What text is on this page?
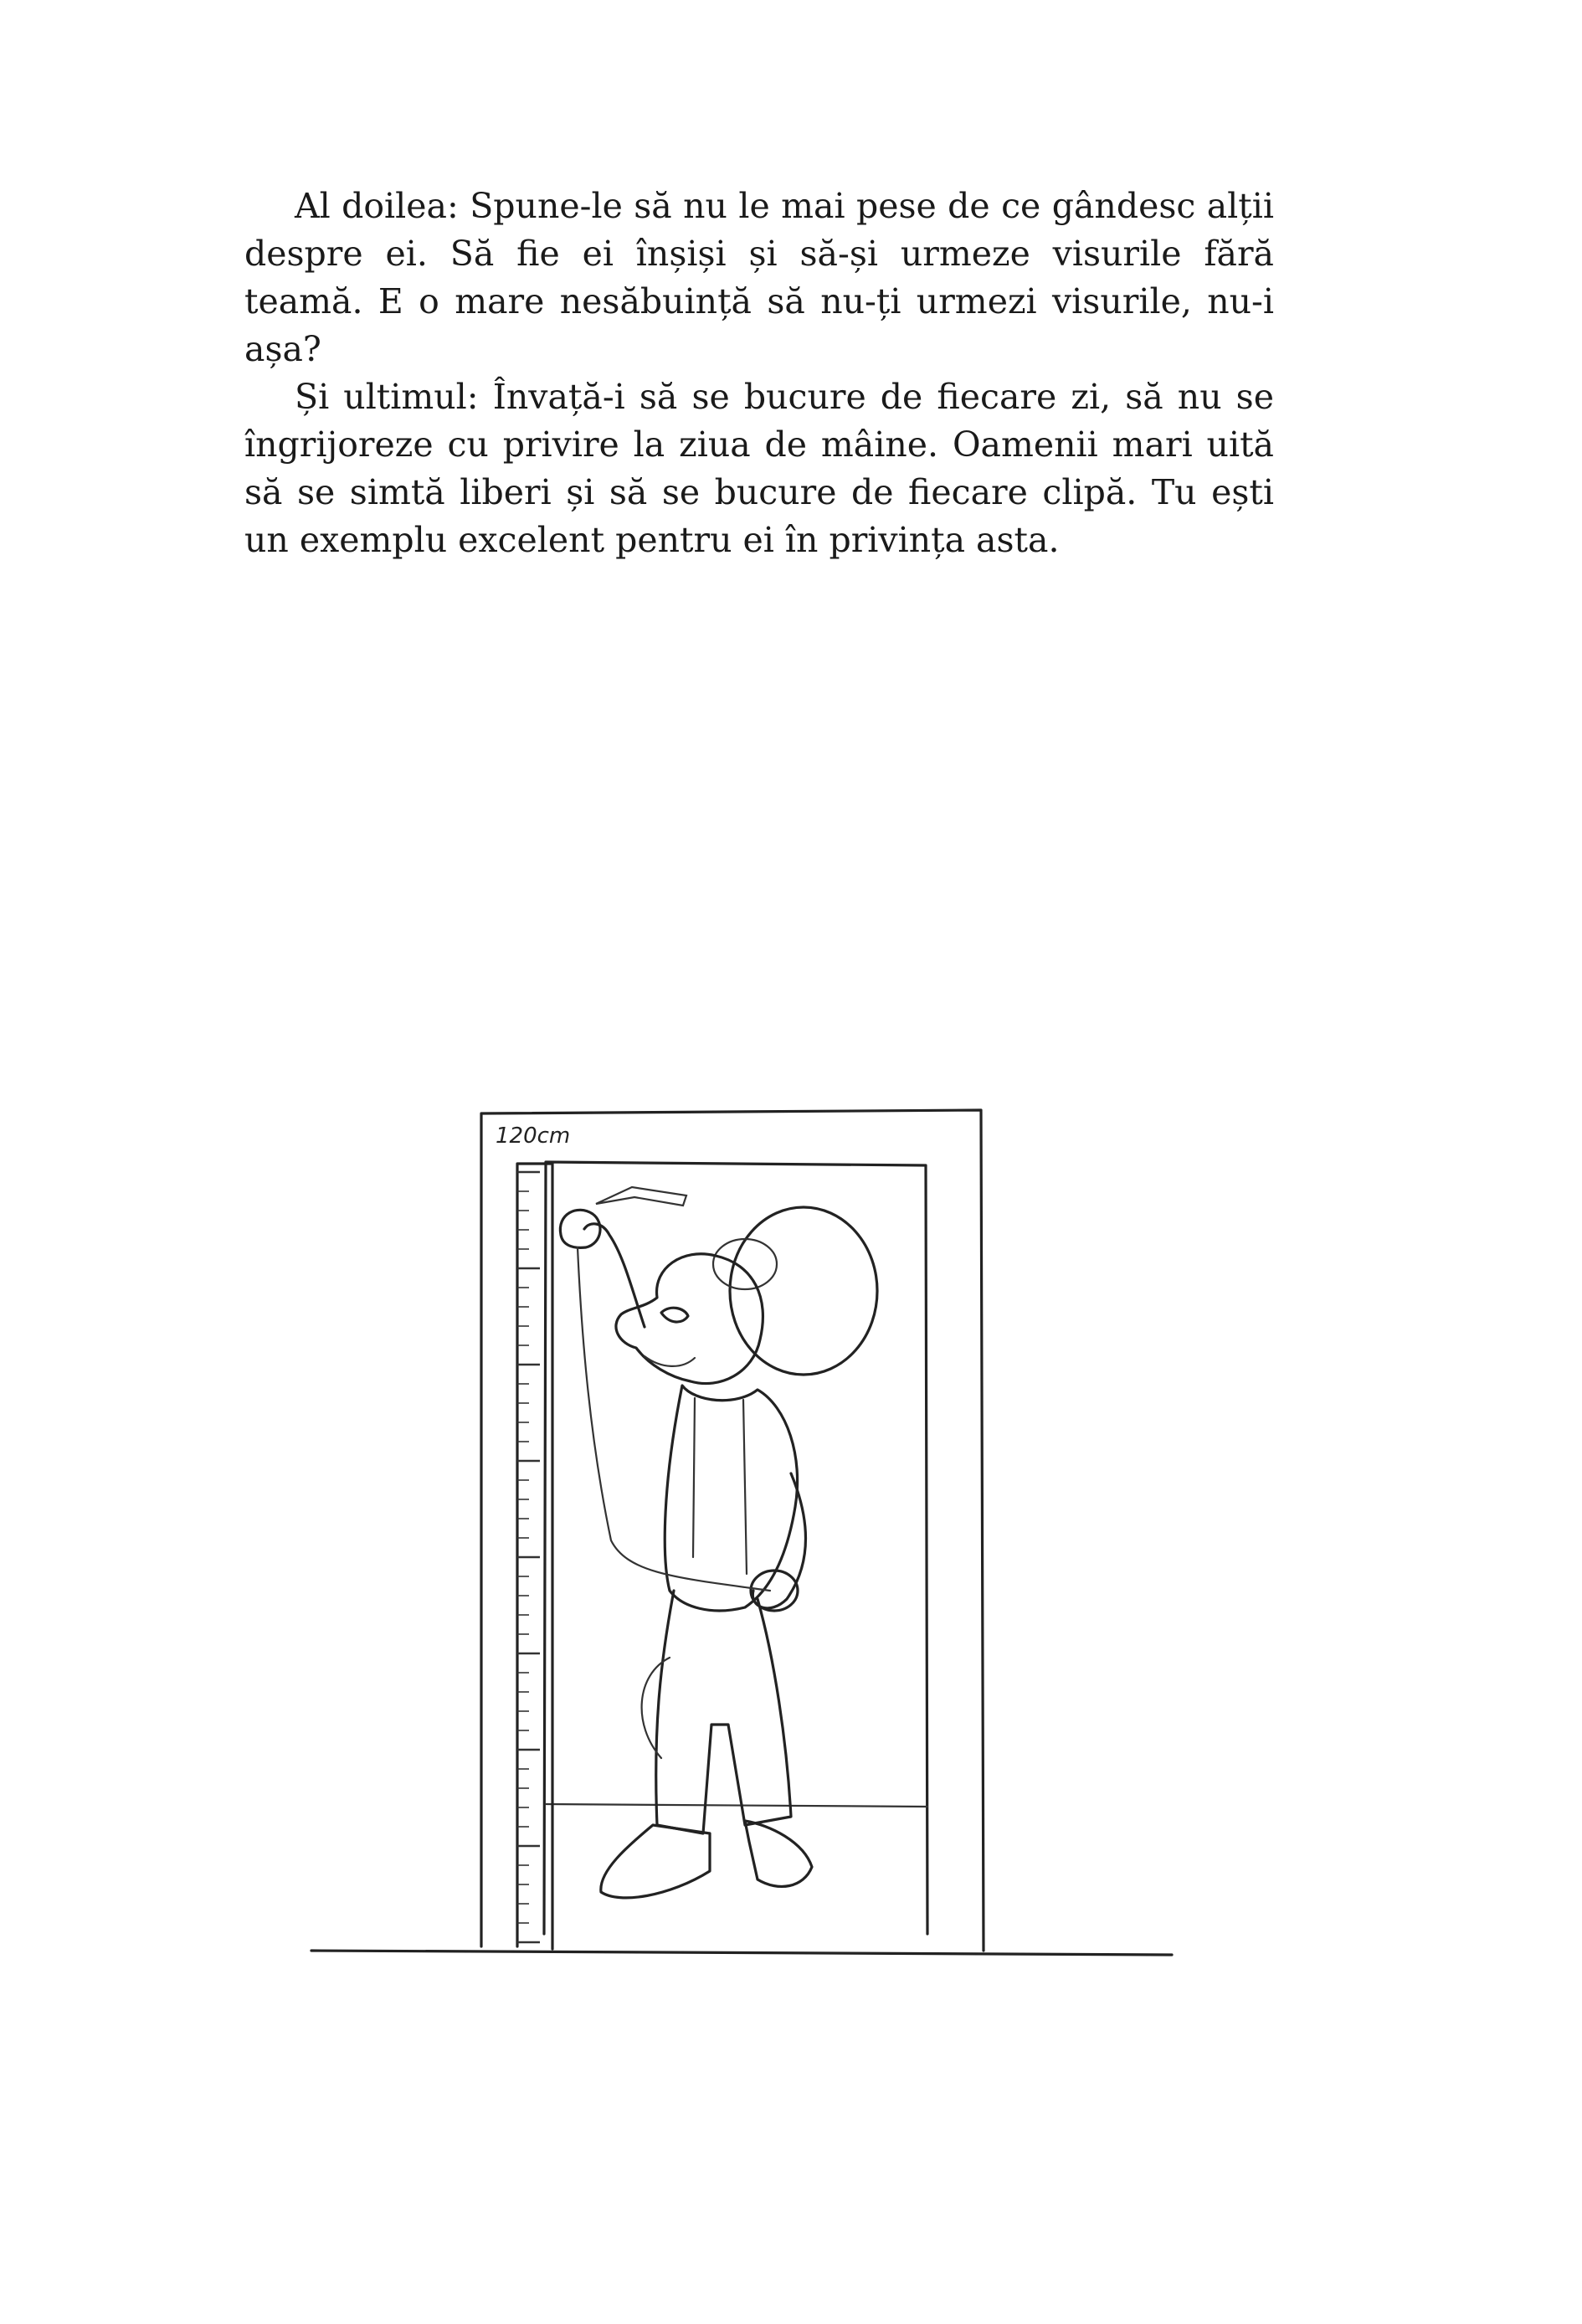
Al doilea: Spune-le să nu le mai pese de ce gândesc alții despre ei. Să fie ei înșiși și să-și urmeze visurile fără teamă. E o mare nesăbuință să nu-ți urmezi visurile, nu-i așa?

Și ultimul: Învață-i să se bucure de fiecare zi, să nu se îngrijoreze cu privire la ziua de mâine. Oamenii mari uită să se simtă liberi și să se bucure de fiecare clipă. Tu ești un exemplu excelent pentru ei în privința asta.

120cm
